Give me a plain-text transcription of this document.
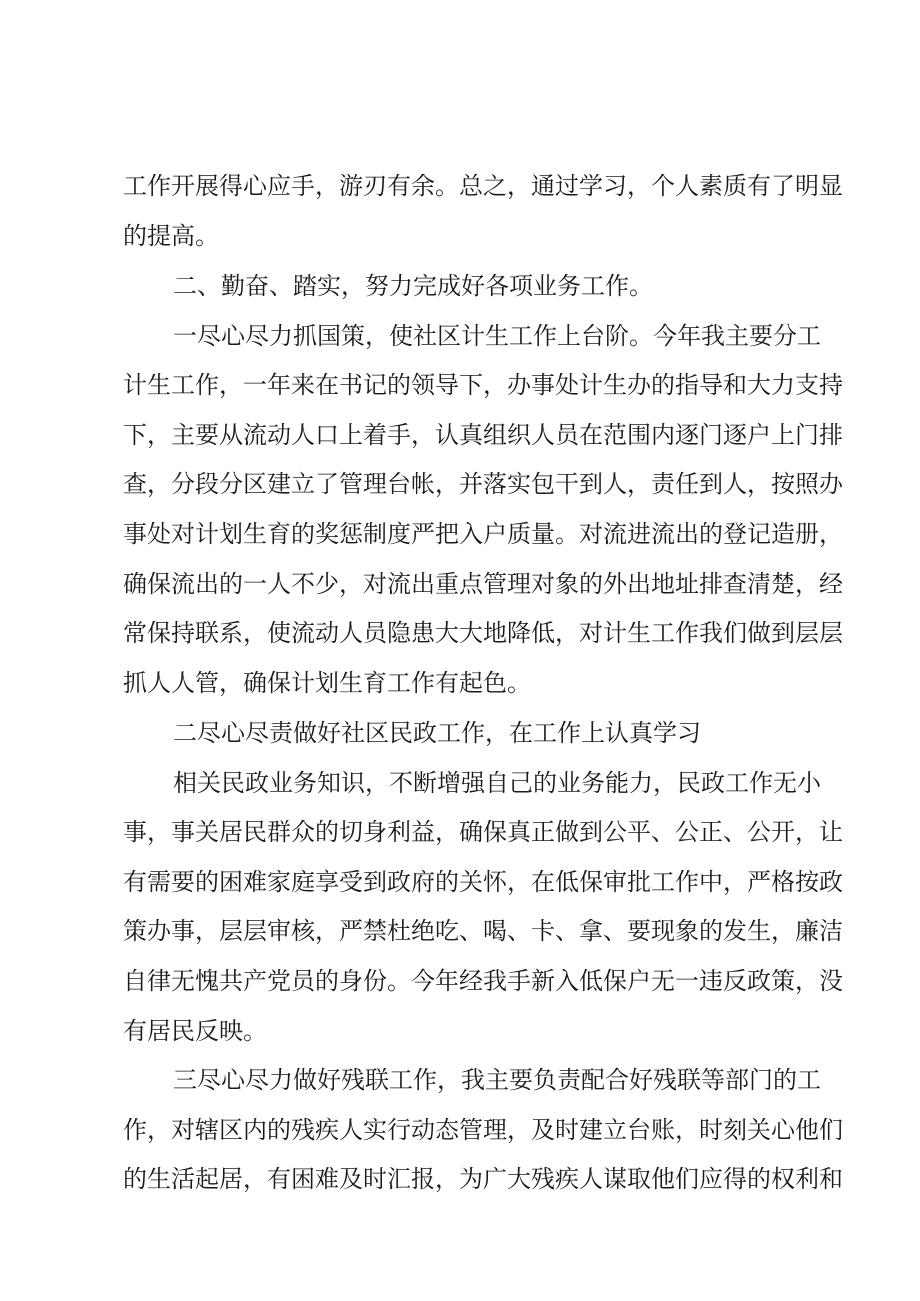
工作开展得心应手，游刃有余。总之，通过学习，个人素质有了明显
的提高。
二、勤奋、踏实，努力完成好各项业务工作。
一尽心尽力抓国策，使社区计生工作上台阶。今年我主要分工
计生工作，一年来在书记的领导下，办事处计生办的指导和大力支持
下，主要从流动人口上着手，认真组织人员在范围内逐门逐户上门排
查，分段分区建立了管理台帐，并落实包干到人，责任到人，按照办
事处对计划生育的奖惩制度严把入户质量。对流进流出的登记造册，
确保流出的一人不少，对流出重点管理对象的外出地址排查清楚，经
常保持联系，使流动人员隐患大大地降低，对计生工作我们做到层层
抓人人管，确保计划生育工作有起色。
二尽心尽责做好社区民政工作，在工作上认真学习
相关民政业务知识，不断增强自己的业务能力，民政工作无小
事，事关居民群众的切身利益，确保真正做到公平、公正、公开，让
有需要的困难家庭享受到政府的关怀，在低保审批工作中，严格按政
策办事，层层审核，严禁杜绝吃、喝、卡、拿、要现象的发生，廉洁
自律无愧共产党员的身份。今年经我手新入低保户无一违反政策，没
有居民反映。
三尽心尽力做好残联工作，我主要负责配合好残联等部门的工
作，对辖区内的残疾人实行动态管理，及时建立台账，时刻关心他们
的生活起居，有困难及时汇报，为广大残疾人谋取他们应得的权利和
